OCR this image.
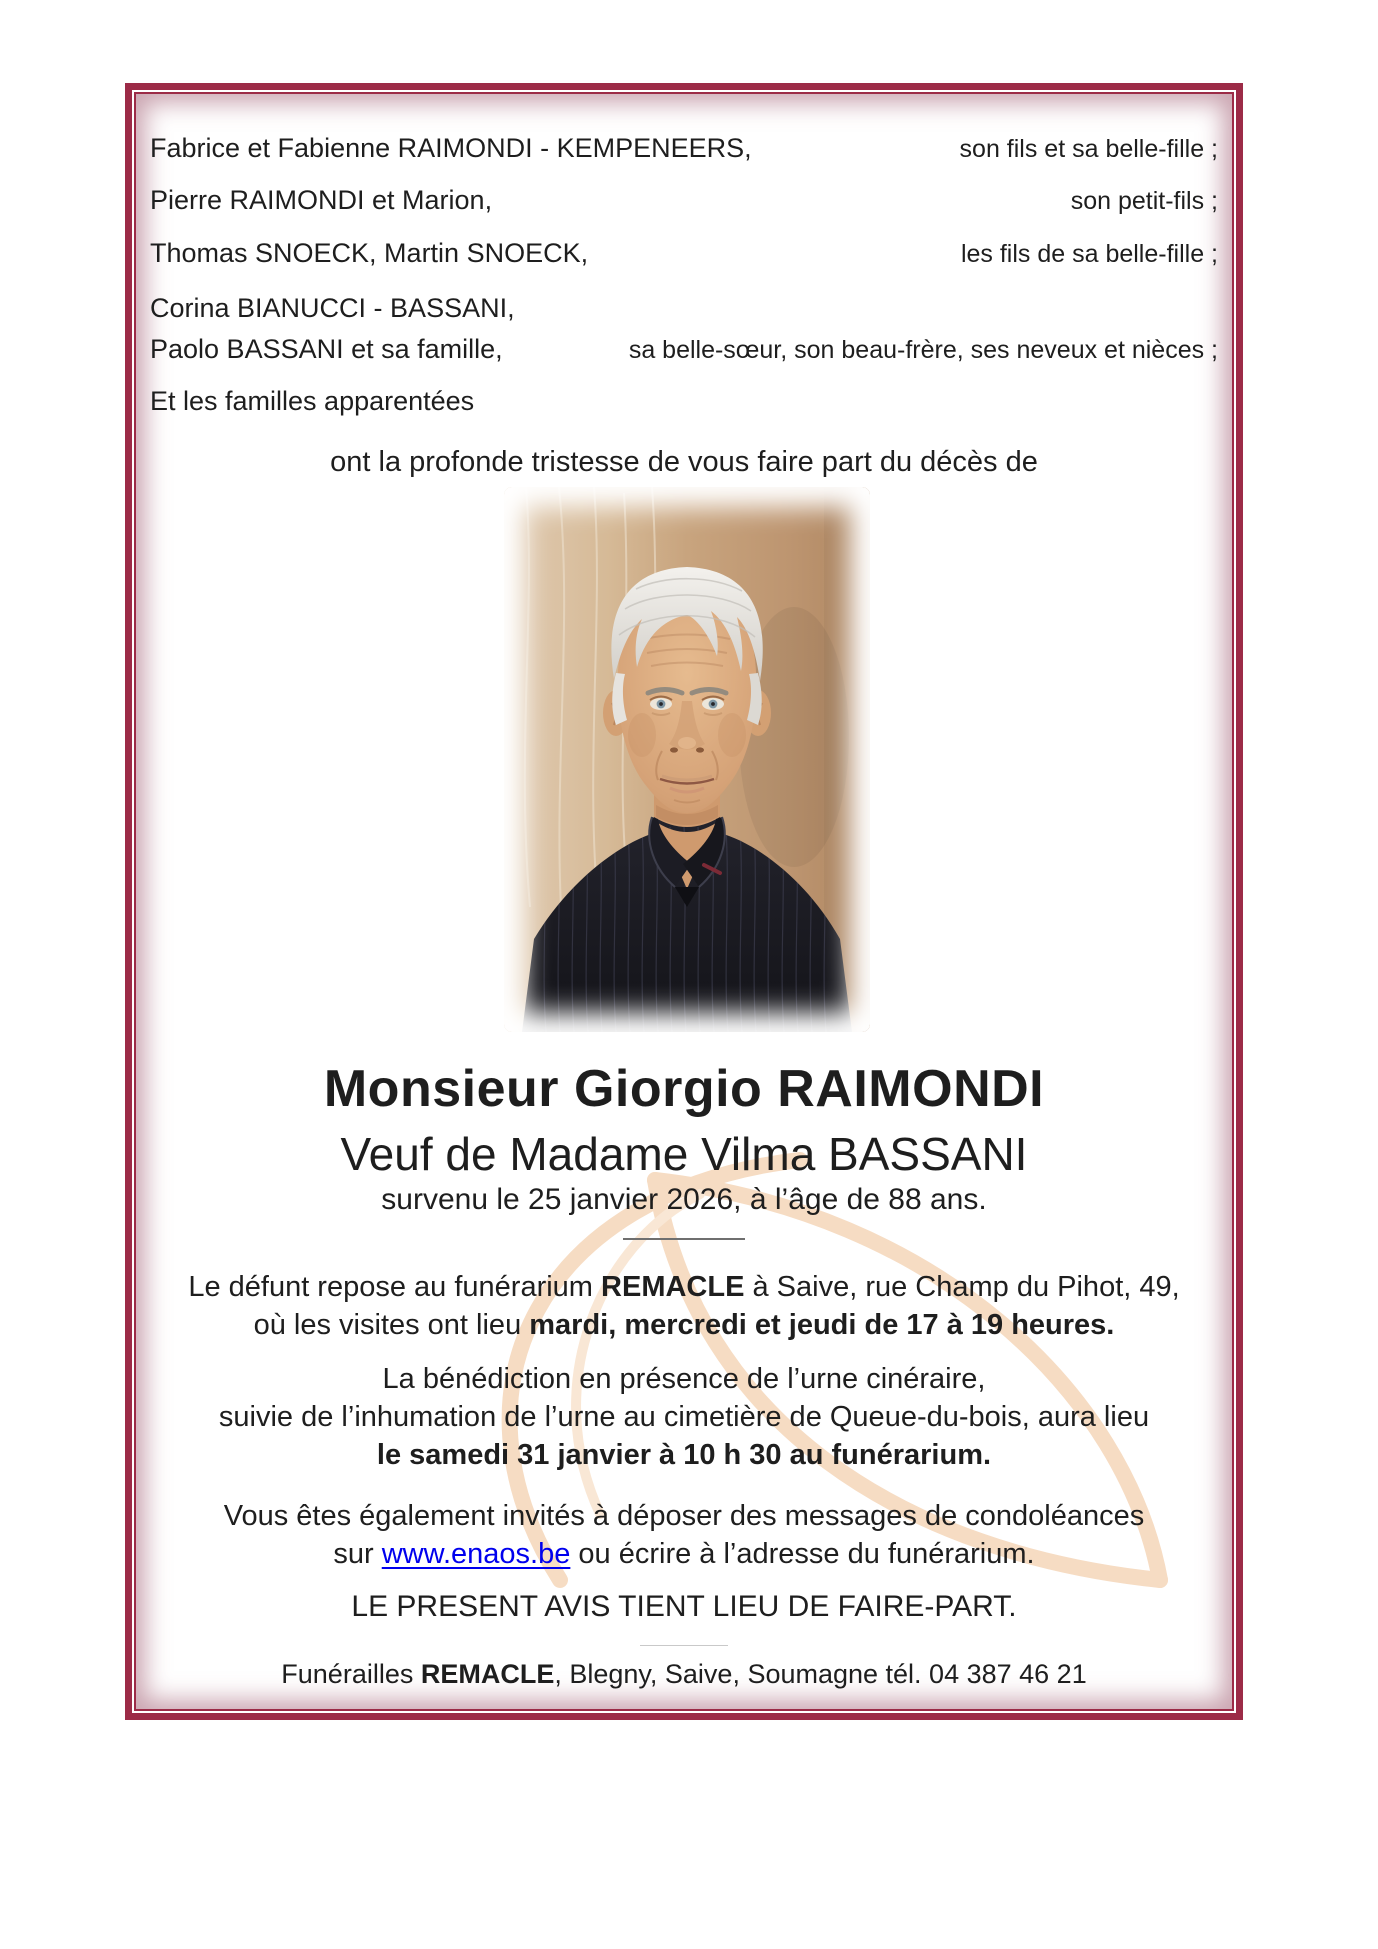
Fabrice et Fabienne RAIMONDI - KEMPENEERS,	son fils et sa belle-fille ;
Pierre RAIMONDI et Marion,	son petit-fils ;
Thomas SNOECK, Martin SNOECK,	les fils de sa belle-fille ;
Corina BIANUCCI - BASSANI,
Paolo BASSANI et sa famille,	sa belle-sœur, son beau-frère, ses neveux et nièces ;
Et les familles apparentées
ont la profonde tristesse de vous faire part du décès de
Monsieur Giorgio RAIMONDI
Veuf de Madame Vilma BASSANI
survenu le 25 janvier 2026, à l’âge de 88 ans.
Le défunt repose au funérarium REMACLE à Saive, rue Champ du Pihot, 49,
où les visites ont lieu mardi, mercredi et jeudi de 17 à 19 heures.
La bénédiction en présence de l’urne cinéraire,
suivie de l’inhumation de l’urne au cimetière de Queue-du-bois, aura lieu
le samedi 31 janvier à 10 h 30 au funérarium.
Vous êtes également invités à déposer des messages de condoléances
sur www.enaos.be ou écrire à l’adresse du funérarium.
LE PRESENT AVIS TIENT LIEU DE FAIRE-PART.
Funérailles REMACLE, Blegny, Saive, Soumagne tél. 04 387 46 21
